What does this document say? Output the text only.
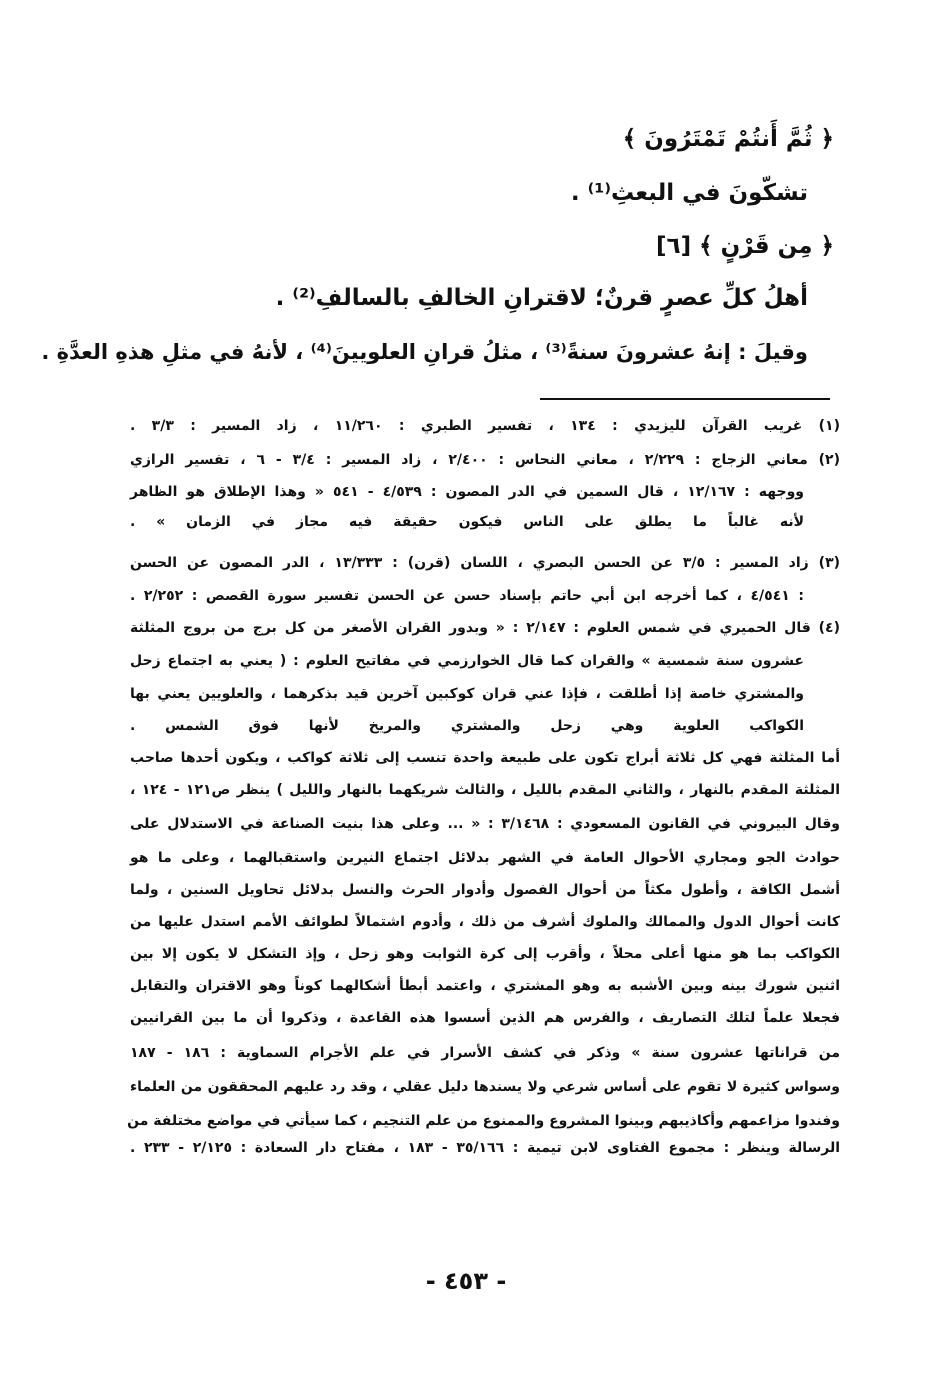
﴿ ثُمَّ أَنتُمْ تَمْتَرُونَ ﴾
تشكّونَ في البعثِ⁽¹⁾ .
﴿ مِن قَرْنٍ ﴾ [٦]
أهلُ كلِّ عصرٍ قرنٌ؛ لاقترانِ الخالفِ بالسالفِ⁽²⁾ .
وقيلَ : إنهُ عشرونَ سنةً⁽³⁾ ، مثلُ قرانِ العلويينَ⁽⁴⁾ ، لأنهُ في مثلِ هذهِ العدَّةِ .
(١) غريب القرآن لليزيدي : ١٣٤ ، تفسير الطبري : ١١/٢٦٠ ، زاد المسير : ٣/٣ .
(٢) معاني الزجاج : ٢/٢٢٩ ، معاني النحاس : ٢/٤٠٠ ، زاد المسير : ٣/٤ - ٦ ، تفسير الرازي
ووجهه : ١٢/١٦٧ ، قال السمين في الدر المصون : ٤/٥٣٩ - ٥٤١ « وهذا الإطلاق هو الظاهر
لأنه غالباً ما يطلق على الناس فيكون حقيقة فيه مجاز في الزمان » .
(٣) زاد المسير : ٣/٥ عن الحسن البصري ، اللسان (قرن) : ١٣/٣٣٣ ، الدر المصون عن الحسن
: ٤/٥٤١ ، كما أخرجه ابن أبي حاتم بإسناد حسن عن الحسن تفسير سورة القصص : ٢/٢٥٢ .
(٤) قال الحميري في شمس العلوم : ٢/١٤٧ : « وبدور القران الأصغر من كل برج من بروج المثلثة
عشرون سنة شمسية » والقران كما قال الخوارزمي في مفاتيح العلوم : ( يعني به اجتماع زحل
والمشتري خاصة إذا أطلقت ، فإذا عني قران كوكبين آخرين قيد بذكرهما ، والعلويين يعني بها
الكواكب العلوية وهي زحل والمشتري والمريخ لأنها فوق الشمس .
أما المثلثة فهي كل ثلاثة أبراج تكون على طبيعة واحدة تنسب إلى ثلاثة كواكب ، ويكون أحدها صاحب
المثلثة المقدم بالنهار ، والثاني المقدم بالليل ، والثالث شريكهما بالنهار والليل ) ينظر ص١٢١ - ١٢٤ ،
وقال البيروني في القانون المسعودي : ٣/١٤٦٨ : « ... وعلى هذا بنيت الصناعة في الاستدلال على
حوادث الجو ومجاري الأحوال العامة في الشهر بدلائل اجتماع النيرين واستقبالهما ، وعلى ما هو
أشمل الكافة ، وأطول مكثاً من أحوال الفصول وأدوار الحرث والنسل بدلائل تحاويل السنين ، ولما
كانت أحوال الدول والممالك والملوك أشرف من ذلك ، وأدوم اشتمالاً لطوائف الأمم استدل عليها من
الكواكب بما هو منها أعلى محلاً ، وأقرب إلى كرة الثوابت وهو زحل ، وإذ التشكل لا يكون إلا بين
اثنين شورك بينه وبين الأشبه به وهو المشتري ، واعتمد أبطأ أشكالهما كوناً وهو الاقتران والتقابل
فجعلا علماً لتلك التصاريف ، والفرس هم الذين أسسوا هذه القاعدة ، وذكروا أن ما بين القرانيين
من قراناتها عشرون سنة » وذكر في كشف الأسرار في علم الأجرام السماوية : ١٨٦ - ١٨٧
وسواس كثيرة لا تقوم على أساس شرعي ولا يسندها دليل عقلي ، وقد رد عليهم المحققون من العلماء
وفندوا مزاعمهم وأكاذيبهم وبينوا المشروع والممنوع من علم التنجيم ، كما سيأتي في مواضع مختلفة من
الرسالة وينظر : مجموع الفتاوى لابن تيمية : ٣٥/١٦٦ - ١٨٣ ، مفتاح دار السعادة : ٢/١٢٥ - ٢٣٣ .
- ٤٥٣ -
